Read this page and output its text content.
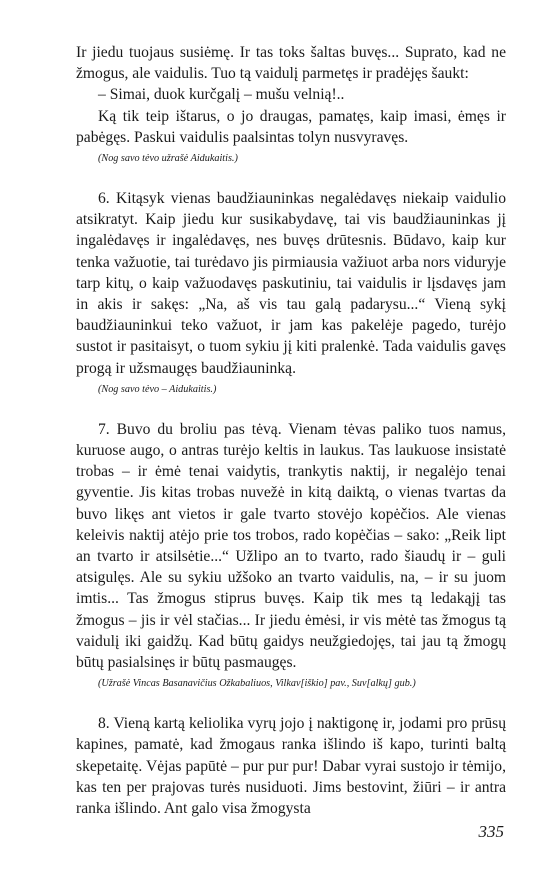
Ir jiedu tuojaus susiėmę. Ir tas toks šaltas buvęs... Suprato, kad ne žmogus, ale vaidulis. Tuo tą vaidulį parmetęs ir pradėjęs šaukt:

– Simai, duok kurčgalį – mušu velnią!..

Ką tik teip ištarus, o jo draugas, pamatęs, kaip imasi, ėmęs ir pabėgęs. Paskui vaidulis paalsintas tolyn nusvyravęs.

(Nog savo tėvo užrašė Aidukaitis.)

6. Kitąsyk vienas baudžiauninkas negalėdavęs niekaip vaidulio atsikratyt. Kaip jiedu kur susikabydavę, tai vis baudžiauninkas jį ingalėdavęs ir ingalėdavęs, nes buvęs drūtesnis. Būdavo, kaip kur tenka važuotie, tai turėdavo jis pirmiausia važiuot arba nors viduryje tarp kitų, o kaip važuodavęs paskutiniu, tai vaidulis ir lįsdavęs jam in akis ir sakęs: „Na, aš vis tau galą padarysu...“ Vieną sykį baudžiauninkui teko važuot, ir jam kas pakelėje pagedo, turėjo sustot ir pasitaisyt, o tuom sykiu jį kiti pralenkė. Tada vaidulis gavęs progą ir užsmaugęs baudžiauninką.

(Nog savo tėvo – Aidukaitis.)

7. Buvo du broliu pas tėvą. Vienam tėvas paliko tuos namus, kuruose augo, o antras turėjo keltis in laukus. Tas laukuose insistatė trobas – ir ėmė tenai vaidytis, trankytis naktij, ir negalėjo tenai gyventie. Jis kitas trobas nuvežė in kitą daiktą, o vienas tvartas da buvo likęs ant vietos ir gale tvarto stovėjo kopėčios. Ale vienas keleivis naktij atėjo prie tos trobos, rado kopėčias – sako: „Reik lipt an tvarto ir atsilsėtie...“ Užlipo an to tvarto, rado šiaudų ir – guli atsigulęs. Ale su sykiu užšoko an tvarto vaidulis, na, – ir su juom imtis... Tas žmogus stiprus buvęs. Kaip tik mes tą ledakąjį tas žmogus – jis ir vėl stačias... Ir jiedu ėmėsi, ir vis mėtė tas žmogus tą vaidulį iki gaidžų. Kad būtų gaidys neužgiedojęs, tai jau tą žmogų būtų pasialsinęs ir būtų pasmaugęs.

(Užrašė Vincas Basanavičius Ožkabaliuos, Vilkav[iškio] pav., Suv[alkų] gub.)

8. Vieną kartą keliolika vyrų jojo į naktigonę ir, jodami pro prūsų kapines, pamatė, kad žmogaus ranka išlindo iš kapo, turinti baltą skepetaitę. Vėjas papūtė – pur pur pur! Dabar vyrai sustojo ir tėmijo, kas ten per prajovas turės nusiduoti. Jims bestovint, žiūri – ir antra ranka išlindo. Ant galo visa žmogysta

335
